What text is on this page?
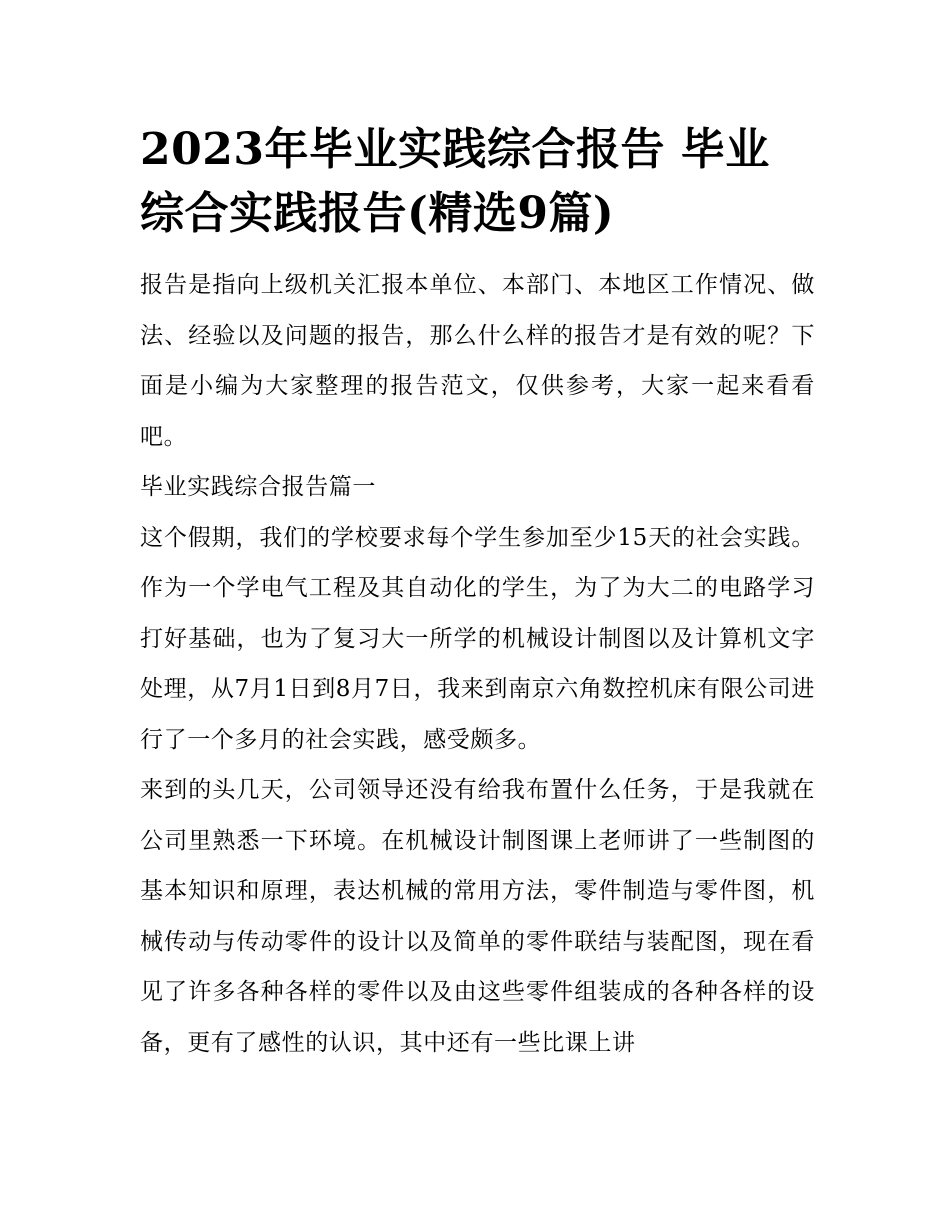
2023年毕业实践综合报告 毕业综合实践报告(精选9篇)

报告是指向上级机关汇报本单位、本部门、本地区工作情况、做法、经验以及问题的报告，那么什么样的报告才是有效的呢？下面是小编为大家整理的报告范文，仅供参考，大家一起来看看吧。

毕业实践综合报告篇一

这个假期，我们的学校要求每个学生参加至少15天的社会实践。作为一个学电气工程及其自动化的学生，为了为大二的电路学习打好基础，也为了复习大一所学的机械设计制图以及计算机文字处理，从7月1日到8月7日，我来到南京六角数控机床有限公司进行了一个多月的社会实践，感受颇多。

来到的头几天，公司领导还没有给我布置什么任务，于是我就在公司里熟悉一下环境。在机械设计制图课上老师讲了一些制图的基本知识和原理，表达机械的常用方法，零件制造与零件图，机械传动与传动零件的设计以及简单的零件联结与装配图，现在看见了许多各种各样的零件以及由这些零件组装成的各种各样的设备，更有了感性的认识，其中还有一些比课上讲
